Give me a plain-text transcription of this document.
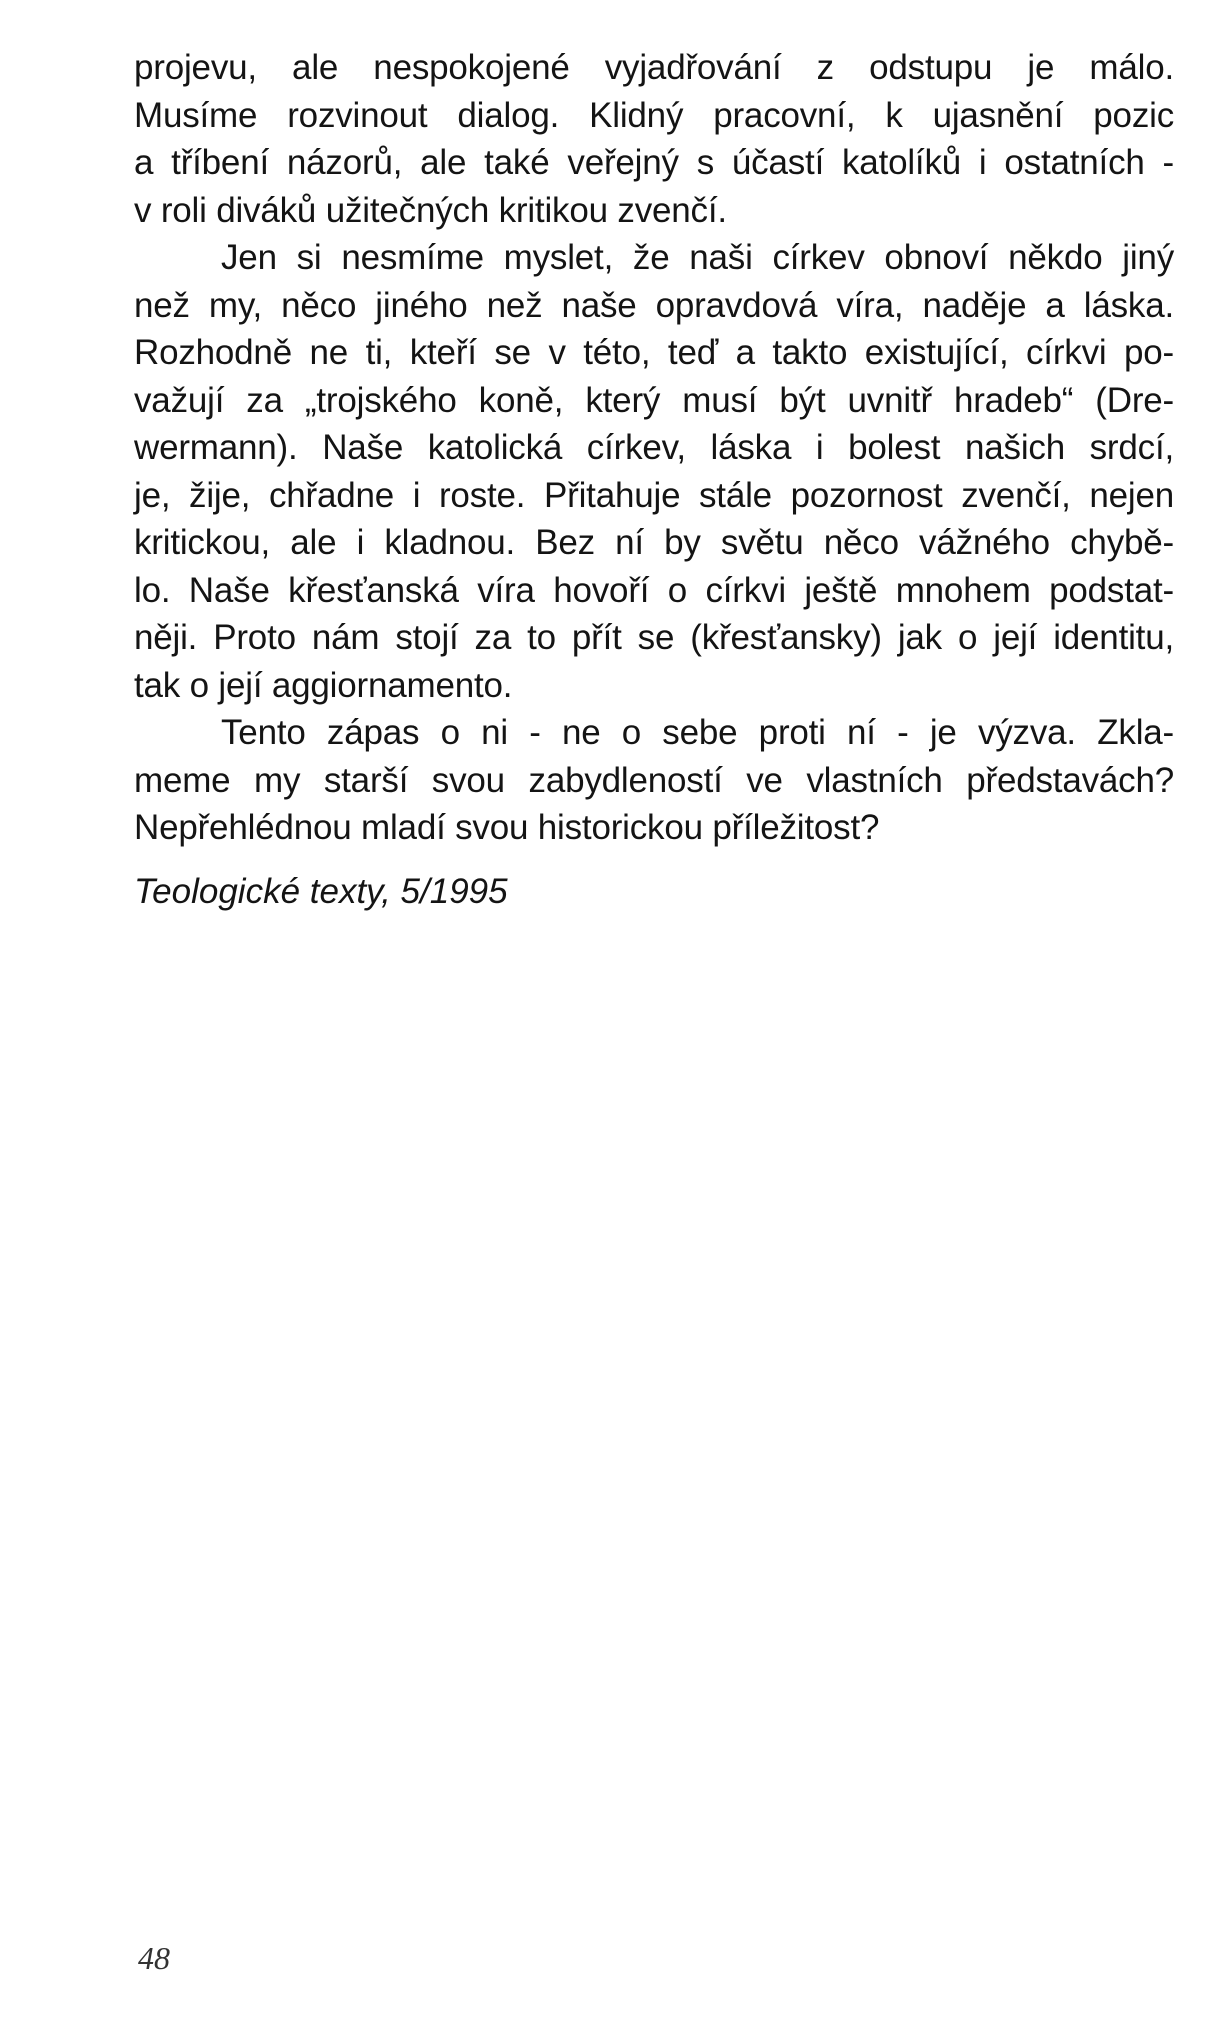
projevu, ale nespokojené vyjadřování z odstupu je málo.
Musíme rozvinout dialog. Klidný pracovní, k ujasnění pozic
a tříbení názorů, ale také veřejný s účastí katolíků i ostatních -
v roli diváků užitečných kritikou zvenčí.
Jen si nesmíme myslet, že naši církev obnoví někdo jiný
než my, něco jiného než naše opravdová víra, naděje a láska.
Rozhodně ne ti, kteří se v této, teď a takto existující, církvi po-
važují za „trojského koně, který musí být uvnitř hradeb“ (Dre-
wermann). Naše katolická církev, láska i bolest našich srdcí,
je, žije, chřadne i roste. Přitahuje stále pozornost zvenčí, nejen
kritickou, ale i kladnou. Bez ní by světu něco vážného chybě-
lo. Naše křesťanská víra hovoří o církvi ještě mnohem podstat-
něji. Proto nám stojí za to přít se (křesťansky) jak o její identitu,
tak o její aggiornamento.
Tento zápas o ni - ne o sebe proti ní - je výzva. Zkla-
meme my starší svou zabydleností ve vlastních představách?
Nepřehlédnou mladí svou historickou příležitost?
Teologické texty, 5/1995
48
